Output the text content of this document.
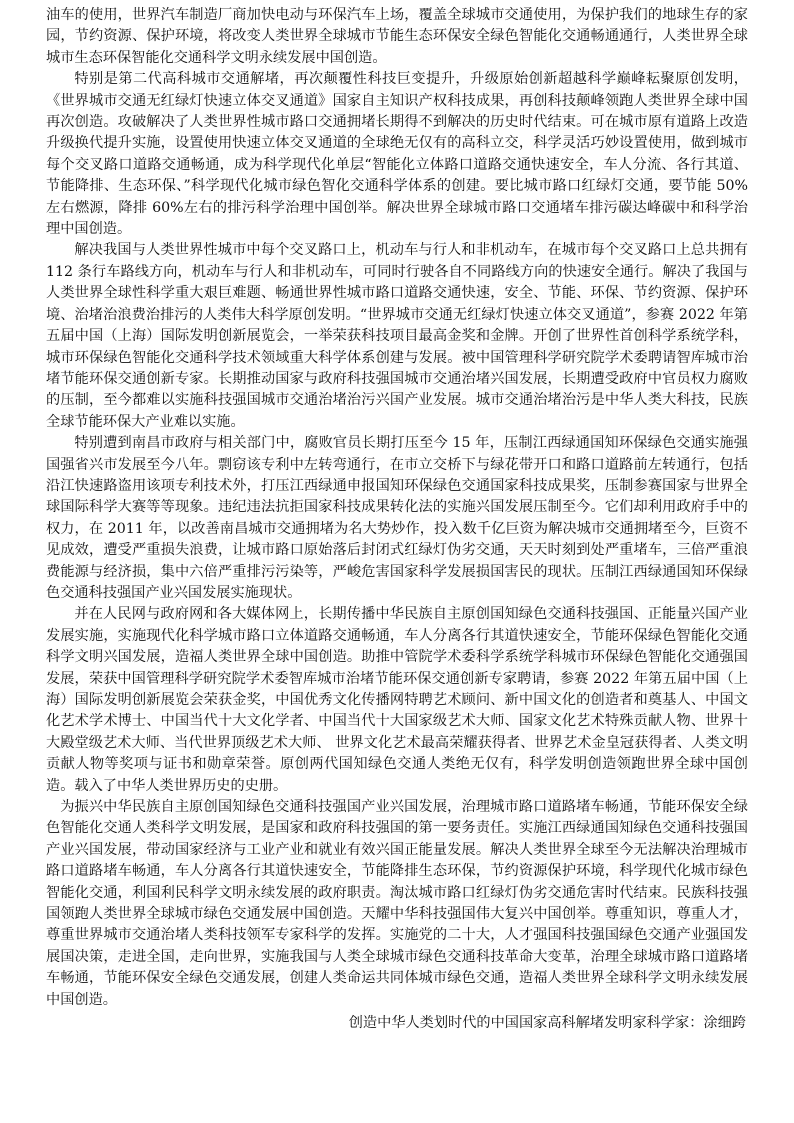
油车的使用，世界汽车制造厂商加快电动与环保汽车上场，覆盖全球城市交通使用，为保护我们的地球生存的家园，节约资源、保护环境，将改变人类世界全球城市节能生态环保安全绿色智能化交通畅通通行，人类世界全球城市生态环保智能化交通科学文明永续发展中国创造。

特别是第二代高科城市交通解堵，再次颠覆性科技巨变提升，升级原始创新超越科学巅峰耘聚原创发明，《世界城市交通无红绿灯快速立体交叉通道》国家自主知识产权科技成果，再创科技颠峰领跑人类世界全球中国再次创造。攻破解决了人类世界性城市路口交通拥堵长期得不到解决的历史时代结束。可在城市原有道路上改造升级换代提升实施，设置使用快速立体交叉通道的全球绝无仅有的高科立交，科学灵活巧妙设置使用，做到城市每个交叉路口道路交通畅通，成为科学现代化单层“智能化立体路口道路交通快速安全，车人分流、各行其道、节能降排、生态环保、”科学现代化城市绿色智化交通科学体系的创建。要比城市路口红绿灯交通，要节能 50%左右燃源，降排 60%左右的排污科学治理中国创举。解决世界全球城市路口交通堵车排污碳达峰碳中和科学治理中国创造。

解决我国与人类世界性城市中每个交叉路口上，机动车与行人和非机动车，在城市每个交叉路口上总共拥有 112 条行车路线方向，机动车与行人和非机动车，可同时行驶各自不同路线方向的快速安全通行。解决了我国与人类世界全球性科学重大艰巨难题、畅通世界性城市路口道路交通快速，安全、节能、环保、节约资源、保护环境、治堵治浪费治排污的人类伟大科学原创发明。“世界城市交通无红绿灯快速立体交叉通道”，参赛 2022 年第五届中国（上海）国际发明创新展览会，一举荣获科技项目最高金奖和金牌。开创了世界性首创科学系统学科，城市环保绿色智能化交通科学技术领域重大科学体系创建与发展。被中国管理科学研究院学术委聘请智库城市治堵节能环保交通创新专家。长期推动国家与政府科技强国城市交通治堵兴国发展，长期遭受政府中官员权力腐败的压制，至今都难以实施科技强国城市交通治堵治污兴国产业发展。城市交通治堵治污是中华人类大科技，民族全球节能环保大产业难以实施。

特别遭到南昌市政府与相关部门中，腐败官员长期打压至今 15 年，压制江西绿通国知环保绿色交通实施强国强省兴市发展至今八年。剽窃该专利中左转弯通行，在市立交桥下与绿花带开口和路口道路前左转通行，包括沿江快速路盗用该项专利技术外，打压江西绿通申报国知环保绿色交通国家科技成果奖，压制参赛国家与世界全球国际科学大赛等等现象。违纪违法抗拒国家科技成果转化法的实施兴国发展压制至今。它们却利用政府手中的权力，在 2011 年，以改善南昌城市交通拥堵为名大势炒作，投入数千亿巨资为解决城市交通拥堵至今，巨资不见成效，遭受严重损失浪费，让城市路口原始落后封闭式红绿灯伪劣交通，天天时刻到处严重堵车，三倍严重浪费能源与经济损，集中六倍严重排污污染等，严峻危害国家科学发展损国害民的现状。压制江西绿通国知环保绿色交通科技强国产业兴国发展实施现状。

并在人民网与政府网和各大媒体网上，长期传播中华民族自主原创国知绿色交通科技强国、正能量兴国产业发展实施，实施现代化科学城市路口立体道路交通畅通，车人分离各行其道快速安全，节能环保绿色智能化交通科学文明兴国发展，造福人类世界全球中国创造。助推中管院学术委科学系统学科城市环保绿色智能化交通强国发展，荣获中国管理科学研究院学术委智库城市治堵节能环保交通创新专家聘请，参赛 2022 年第五届中国（上海）国际发明创新展览会荣获金奖，中国优秀文化传播网特聘艺术顾问、新中国文化的创造者和奠基人、中国文化艺术学术博士、中国当代十大文化学者、中国当代十大国家级艺术大师、国家文化艺术特殊贡献人物、世界十大殿堂级艺术大师、当代世界顶级艺术大师、 世界文化艺术最高荣耀获得者、世界艺术金皇冠获得者、人类文明贡献人物等奖项与证书和勋章荣誉。原创两代国知绿色交通人类绝无仅有，科学发明创造领跑世界全球中国创造。载入了中华人类世界历史的史册。

为振兴中华民族自主原创国知绿色交通科技强国产业兴国发展，治理城市路口道路堵车畅通，节能环保安全绿色智能化交通人类科学文明发展，是国家和政府科技强国的第一要务责任。实施江西绿通国知绿色交通科技强国产业兴国发展，带动国家经济与工业产业和就业有效兴国正能量发展。解决人类世界全球至今无法解决治理城市路口道路堵车畅通，车人分离各行其道快速安全，节能降排生态环保，节约资源保护环境，科学现代化城市绿色智能化交通，利国利民科学文明永续发展的政府职责。淘汰城市路口红绿灯伪劣交通危害时代结束。民族科技强国领跑人类世界全球城市绿色交通发展中国创造。天耀中华科技强国伟大复兴中国创举。尊重知识，尊重人才，尊重世界城市交通治堵人类科技领军专家科学的发挥。实施党的二十大，人才强国科技强国绿色交通产业强国发展国决策，走进全国，走向世界，实施我国与人类全球城市绿色交通科技革命大变革，治理全球城市路口道路堵车畅通，节能环保安全绿色交通发展，创建人类命运共同体城市绿色交通，造福人类世界全球科学文明永续发展中国创造。

创造中华人类划时代的中国国家高科解堵发明家科学家：涂细跨
